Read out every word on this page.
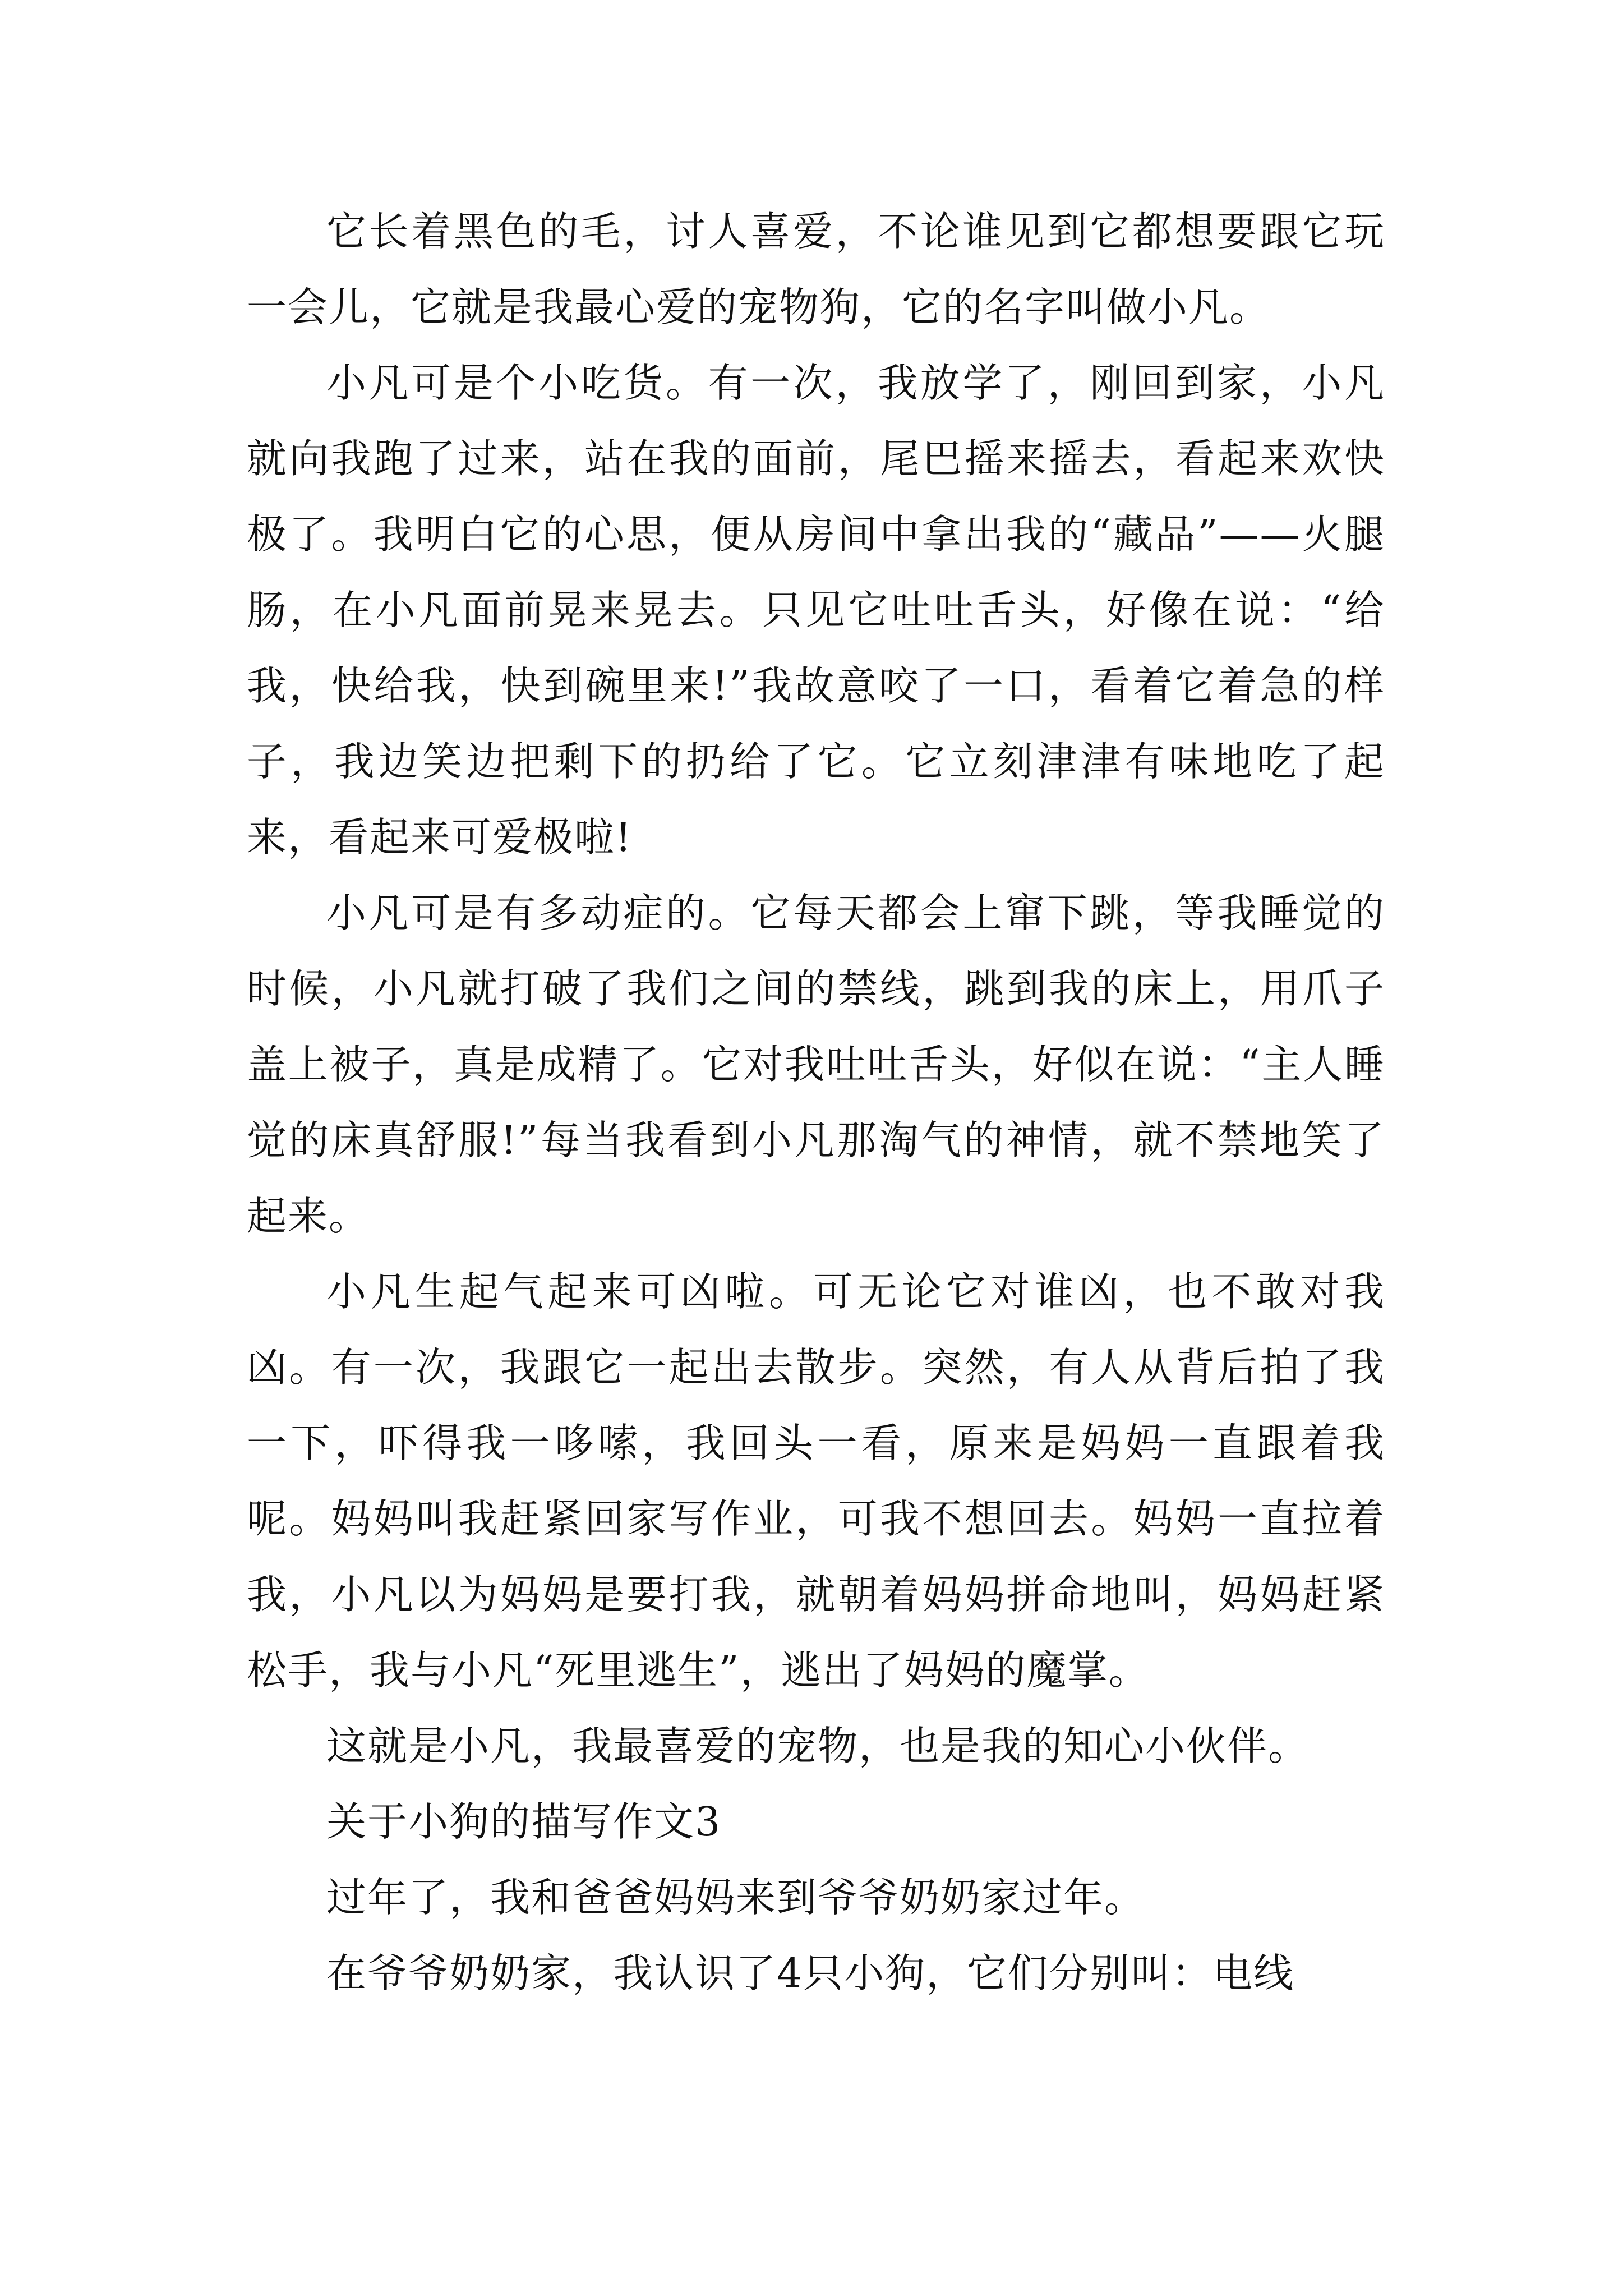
它长着黑色的毛，讨人喜爱，不论谁见到它都想要跟它玩一会儿，它就是我最心爱的宠物狗，它的名字叫做小凡。

小凡可是个小吃货。有一次，我放学了，刚回到家，小凡就向我跑了过来，站在我的面前，尾巴摇来摇去，看起来欢快极了。我明白它的心思，便从房间中拿出我的“藏品”——火腿肠，在小凡面前晃来晃去。只见它吐吐舌头，好像在说：“给我，快给我，快到碗里来!”我故意咬了一口，看着它着急的样子，我边笑边把剩下的扔给了它。它立刻津津有味地吃了起来，看起来可爱极啦!

小凡可是有多动症的。它每天都会上窜下跳，等我睡觉的时候，小凡就打破了我们之间的禁线，跳到我的床上，用爪子盖上被子，真是成精了。它对我吐吐舌头，好似在说：“主人睡觉的床真舒服!”每当我看到小凡那淘气的神情，就不禁地笑了起来。

小凡生起气起来可凶啦。可无论它对谁凶，也不敢对我凶。有一次，我跟它一起出去散步。突然，有人从背后拍了我一下，吓得我一哆嗦，我回头一看，原来是妈妈一直跟着我呢。妈妈叫我赶紧回家写作业，可我不想回去。妈妈一直拉着我，小凡以为妈妈是要打我，就朝着妈妈拼命地叫，妈妈赶紧松手，我与小凡“死里逃生”，逃出了妈妈的魔掌。

这就是小凡，我最喜爱的宠物，也是我的知心小伙伴。

关于小狗的描写作文3

过年了，我和爸爸妈妈来到爷爷奶奶家过年。

在爷爷奶奶家，我认识了4只小狗，它们分别叫：电线
